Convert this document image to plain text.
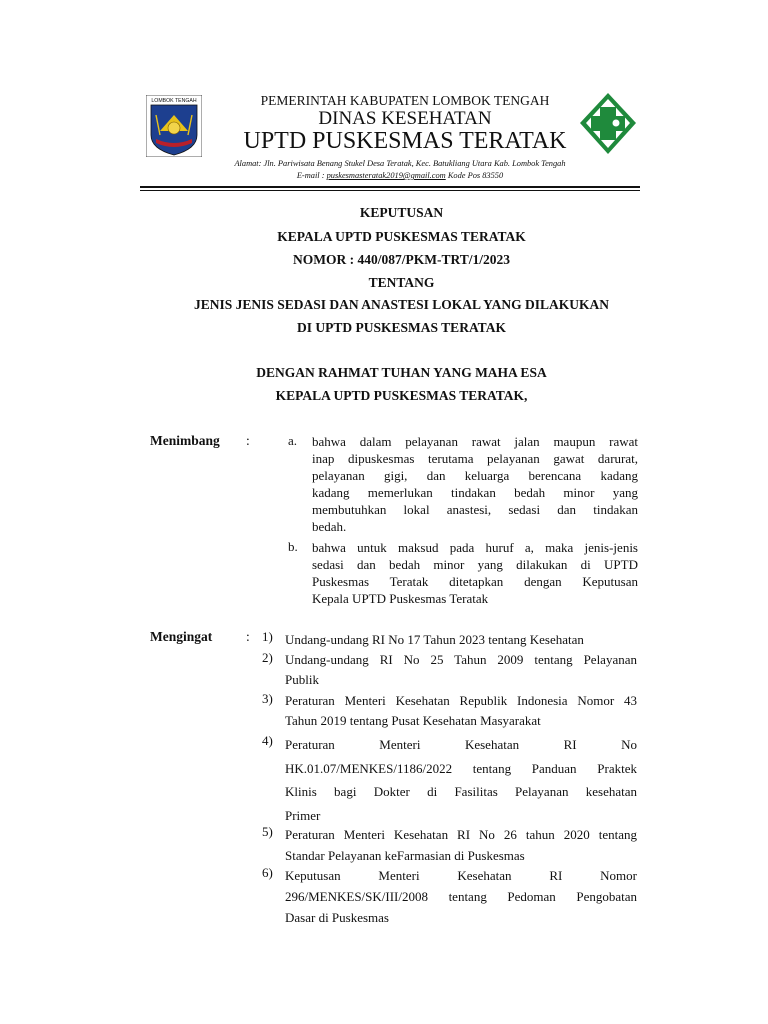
LOMBOK TENGAH	PEMERINTAH KABUPATEN LOMBOK TENGAH
DINAS KESEHATAN
UPTD PUSKESMAS TERATAK
Alamat: Jln. Pariwisata Benang Stukel Desa Teratak, Kec. Batukliang Utara Kab. Lombok Tengah
E-mail : puskesmasteratak2019@gmail.com Kode Pos 83550
KEPUTUSAN
KEPALA UPTD PUSKESMAS TERATAK
NOMOR : 440/087/PKM-TRT/1/2023
TENTANG
JENIS JENIS SEDASI DAN ANASTESI LOKAL YANG DILAKUKAN
DI UPTD PUSKESMAS TERATAK
DENGAN RAHMAT TUHAN YANG MAHA ESA
KEPALA UPTD PUSKESMAS TERATAK,
Menimbang :	a. bahwa dalam pelayanan rawat jalan maupun rawat
inap dipuskesmas terutama pelayanan gawat darurat,
pelayanan gigi, dan keluarga berencana kadang
kadang memerlukan tindakan bedah minor yang
membutuhkan lokal anastesi, sedasi dan tindakan
bedah.
b. bahwa untuk maksud pada huruf a, maka jenis-jenis
sedasi dan bedah minor yang dilakukan di UPTD
Puskesmas Teratak ditetapkan dengan Keputusan
Kepala UPTD Puskesmas Teratak
Mengingat	: 1) Undang-undang RI No 17 Tahun 2023 tentang Kesehatan
2) Undang-undang RI No 25 Tahun 2009 tentang Pelayanan
Publik
3) Peraturan Menteri Kesehatan Republik Indonesia Nomor 43
Tahun 2019 tentang Pusat Kesehatan Masyarakat
4) Peraturan Menteri Kesehatan RI No
HK.01.07/MENKES/1186/2022 tentang Panduan Praktek
Klinis bagi Dokter di Fasilitas Pelayanan kesehatan
Primer
5) Peraturan Menteri Kesehatan RI No 26 tahun 2020 tentang
Standar Pelayanan keFarmasian di Puskesmas
6) Keputusan Menteri Kesehatan RI Nomor
296/MENKES/SK/III/2008 tentang Pedoman Pengobatan
Dasar di Puskesmas
